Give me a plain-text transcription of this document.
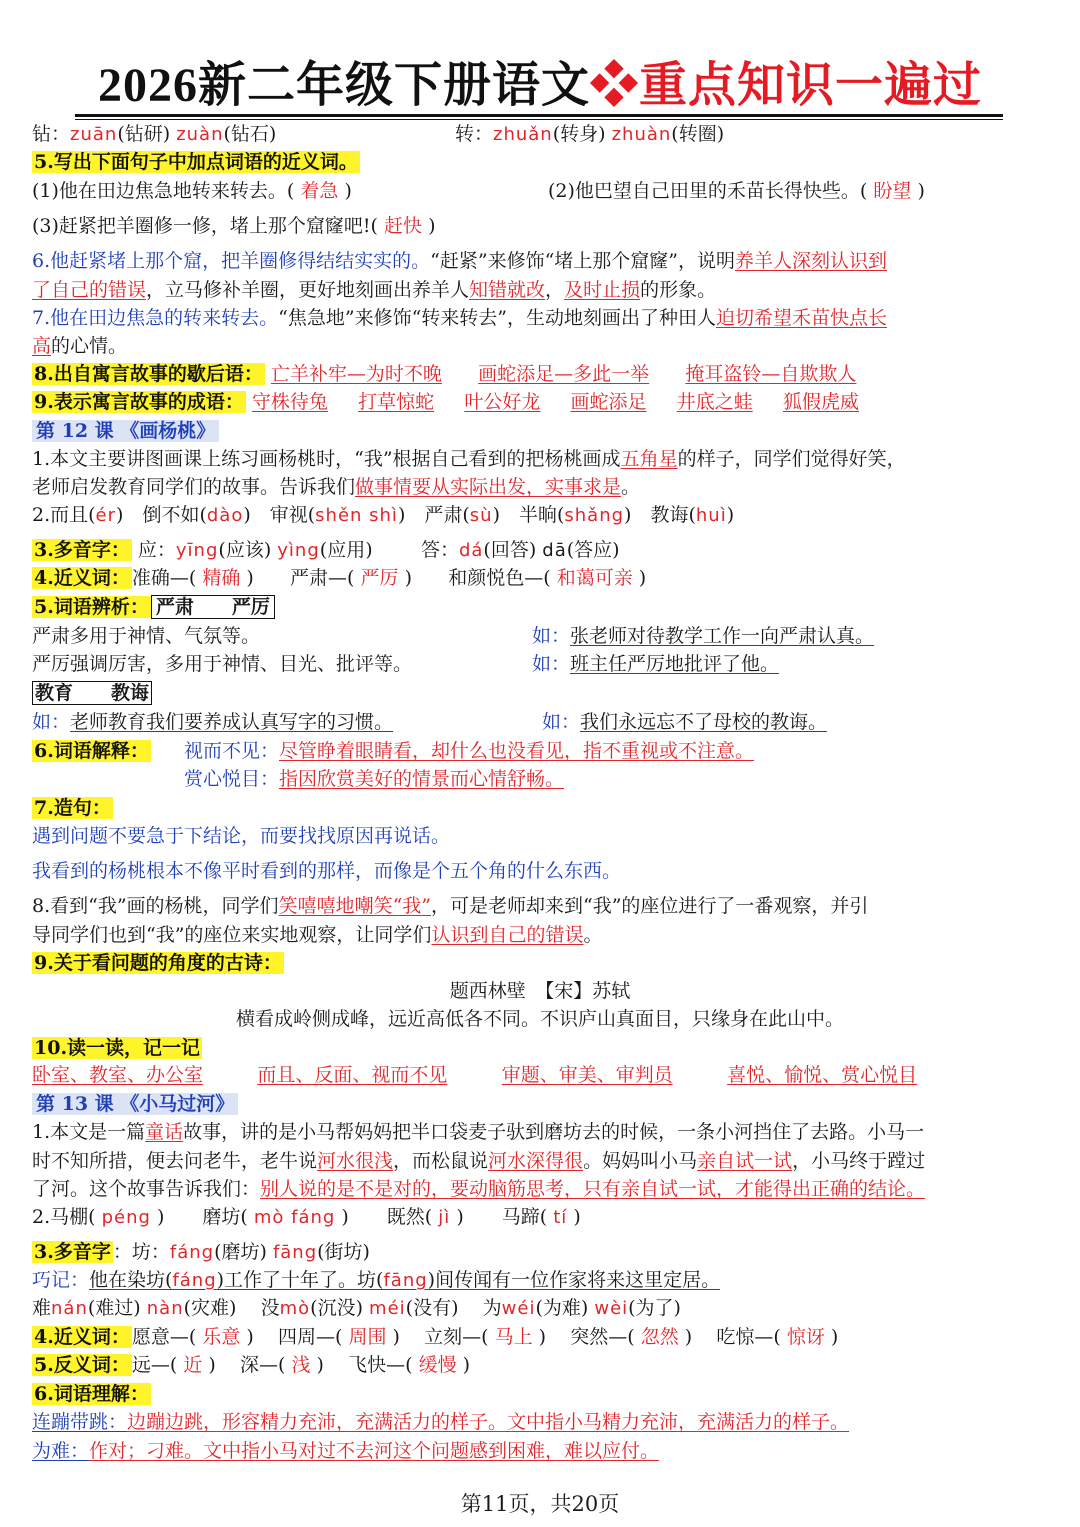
2026新二年级下册语文❖重点知识一遍过
钻：zuān(钻研) zuàn(钻石)	转：zhuǎn(转身) zhuàn(转圈)
5.写出下面句子中加点词语的近义词。
(1)他在田边焦急地转来转去。( 着急 )	(2)他巴望自己田里的禾苗长得快些。( 盼望 )
(3)赶紧把羊圈修一修，堵上那个窟窿吧!( 赶快 )
6.他赶紧堵上那个窟，把羊圈修得结结实实的。“赶紧”来修饰“堵上那个窟窿”，说明养羊人深刻认识到
了自己的错误，立马修补羊圈，更好地刻画出养羊人知错就改，及时止损的形象。
7.他在田边焦急的转来转去。“焦急地”来修饰“转来转去”，生动地刻画出了种田人迫切希望禾苗快点长
高的心情。
8.出自寓言故事的歇后语： 亡羊补牢—为时不晚 画蛇添足—多此一举 掩耳盗铃—自欺欺人
9.表示寓言故事的成语： 守株待兔 打草惊蛇 叶公好龙 画蛇添足 井底之蛙 狐假虎威
第 12 课 《画杨桃》
1.本文主要讲图画课上练习画杨桃时，“我”根据自己看到的把杨桃画成五角星的样子，同学们觉得好笑，
老师启发教育同学们的故事。告诉我们做事情要从实际出发，实事求是。
2.而且(ér)　倒不如(dào)　审视(shěn shì)　严肃(sù)　半晌(shǎng)　教诲(huì)
3.多音字： 应：yīng(应该) yìng(应用)	答：dá(回答) dā(答应)
4.近义词： 准确—( 精确 ) 严肃—( 严厉 ) 和颜悦色—( 和蔼可亲 )
5.词语辨析： 严肃　　严厉
严肃多用于神情、气氛等。	如：张老师对待教学工作一向严肃认真。
严厉强调厉害，多用于神情、目光、批评等。	如：班主任严厉地批评了他。
教育　　教诲
如：老师教育我们要养成认真写字的习惯。	如：我们永远忘不了母校的教诲。
6.词语解释：	视而不见：尽管睁着眼睛看，却什么也没看见，指不重视或不注意。
赏心悦目：指因欣赏美好的情景而心情舒畅。
7.造句：
遇到问题不要急于下结论，而要找找原因再说话。
我看到的杨桃根本不像平时看到的那样，而像是个五个角的什么东西。
8.看到“我”画的杨桃，同学们笑嘻嘻地嘲笑“我”，可是老师却来到“我”的座位进行了一番观察，并引
导同学们也到“我”的座位来实地观察，让同学们认识到自己的错误。
9.关于看问题的角度的古诗：
题西林壁　【宋】苏轼
横看成岭侧成峰，远近高低各不同。不识庐山真面目，只缘身在此山中。
10.读一读，记一记
卧室、教室、办公室	而且、反面、视而不见	审题、审美、审判员	喜悦、愉悦、赏心悦目
第 13 课 《小马过河》
1.本文是一篇童话故事，讲的是小马帮妈妈把半口袋麦子驮到磨坊去的时候，一条小河挡住了去路。小马一
时不知所措，便去问老牛，老牛说河水很浅，而松鼠说河水深得很。妈妈叫小马亲自试一试，小马终于蹚过
了河。这个故事告诉我们：别人说的是不是对的，要动脑筋思考，只有亲自试一试，才能得出正确的结论。
2.马棚( péng )　　磨坊( mò fáng )　　既然( jì )　　马蹄( tí )
3.多音字 ：坊：fáng(磨坊) fāng(街坊)
巧记：他在染坊(fáng)工作了十年了。坊(fāng)间传闻有一位作家将来这里定居。
难nán(难过) nàn(灾难) 没mò(沉没) méi(没有) 为wéi(为难) wèi(为了)
4.近义词： 愿意—( 乐意 ) 四周—( 周围 ) 立刻—( 马上 ) 突然—( 忽然 ) 吃惊—( 惊讶 )
5.反义词： 远—( 近 ) 深—( 浅 ) 飞快—( 缓慢 )
6.词语理解：
连蹦带跳：边蹦边跳，形容精力充沛，充满活力的样子。文中指小马精力充沛，充满活力的样子。
为难：作对；刁难。文中指小马对过不去河这个问题感到困难，难以应付。
第11页，共20页
